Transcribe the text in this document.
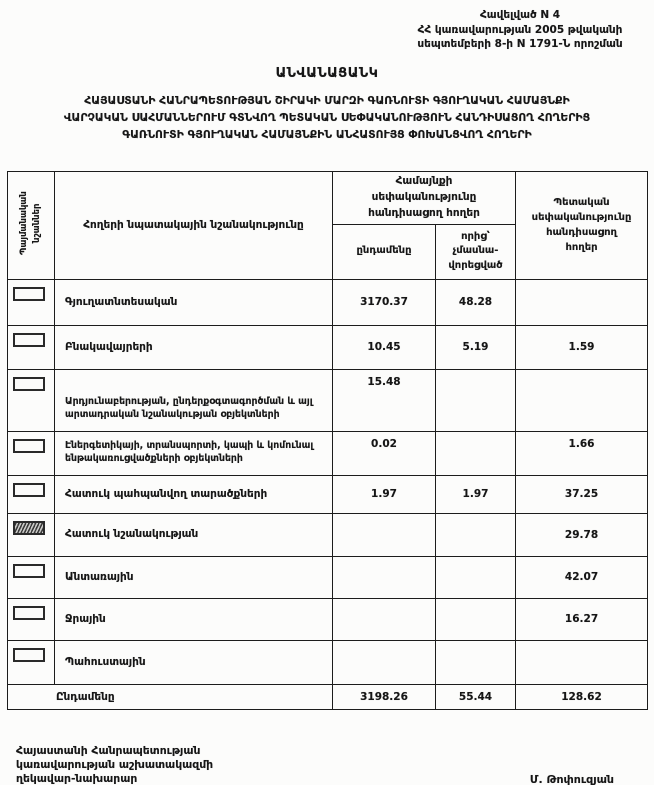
Հավելված N 4
ՀՀ կառավարության 2005 թվականի
սեպտեմբերի 8-ի N 1791-Ն որոշման
ԱՆՎԱՆԱՑԱՆԿ
ՀԱՅԱՍՏԱՆԻ ՀԱՆՐԱՊԵՏՈՒԹՅԱՆ ՇԻՐԱԿԻ ՄԱՐԶԻ ԳԱՌՆՈՒՏԻ ԳՅՈՒՂԱԿԱՆ ՀԱՄԱՅՆՔԻ
ՎԱՐՉԱԿԱՆ ՍԱՀՄԱՆՆԵՐՈՒՄ ԳՏՆՎՈՂ ՊԵՏԱԿԱՆ ՍԵՓԱԿԱՆՈՒԹՅՈՒՆ ՀԱՆԴԻՍԱՑՈՂ ՀՈՂԵՐԻՑ
ԳԱՌՆՈՒՏԻ ԳՅՈՒՂԱԿԱՆ ՀԱՄԱՅՆՔԻՆ ԱՆՀԱՏՈՒՅՑ ՓՈԽԱՆՑՎՈՂ ՀՈՂԵՐԻ
Պայմանական նշաններ	Հողերի նպատակային նշանակությունը	Համայնքի սեփականությունը հանդիսացող հողեր		Պետական սեփականությունը հանդիսացող հողեր
		ընդամենը	որից՝ չմասնավորեցված	
	Գյուղատնտեսական	3170.37	48.28	
	Բնակավայրերի	10.45	5.19	1.59
	Արդյունաբերության, ընդերքօգտագործման և այլ արտադրական նշանակության օբյեկտների	15.48		
	Էներգետիկայի, տրանսպորտի, կապի և կոմունալ ենթակառուցվածքների օբյեկտների	0.02		1.66
	Հատուկ պահպանվող տարածքների	1.97	1.97	37.25
	Հատուկ նշանակության			29.78
	Անտառային			42.07
	Ջրային			16.27
	Պահուստային			
Ընդամենը		3198.26	55.44	128.62
Հայաստանի Հանրապետության
կառավարության աշխատակազմի
ղեկավար-նախարար	Մ. Թոփուզյան
